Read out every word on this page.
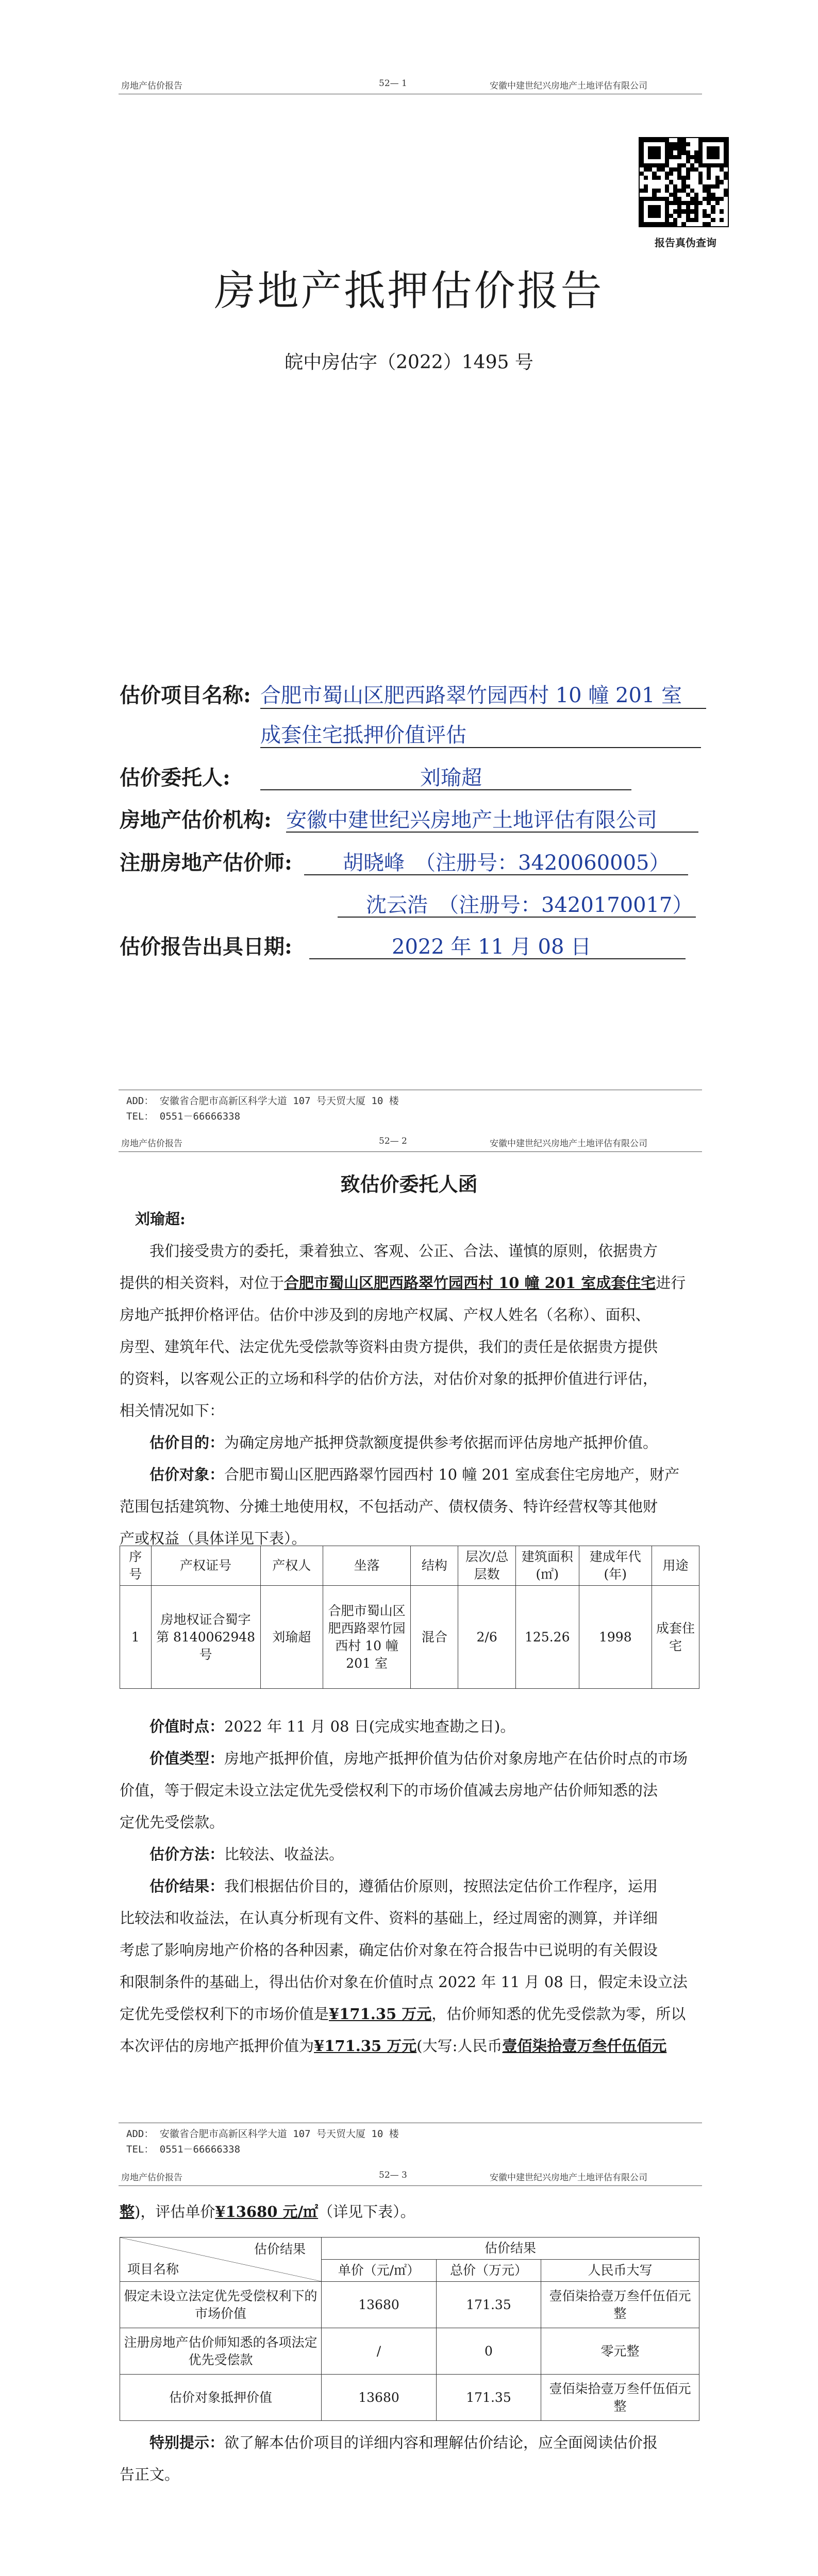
房地产估价报告	52— 1	安徽中建世纪兴房地产土地评估有限公司
报告真伪查询
房地产抵押估价报告
皖中房估字（2022）1495 号
估价项目名称: 合肥市蜀山区肥西路翠竹园西村 10 幢 201 室
成套住宅抵押价值评估
估价委托人:	刘瑜超
房地产估价机构: 安徽中建世纪兴房地产土地评估有限公司
注册房地产估价师: 胡晓峰　（注册号：3420060005）
沈云浩　（注册号：3420170017）
估价报告出具日期:	2022 年 11 月 08 日
ADD： 安徽省合肥市高新区科学大道 107 号天贸大厦 10 楼
TEL： 0551－66666338
房地产估价报告	52— 2	安徽中建世纪兴房地产土地评估有限公司
致估价委托人函
刘瑜超:
我们接受贵方的委托，秉着独立、客观、公正、合法、谨慎的原则，依据贵方
提供的相关资料，对位于合肥市蜀山区肥西路翠竹园西村 10 幢 201 室成套住宅进行
房地产抵押价格评估。估价中涉及到的房地产权属、产权人姓名（名称）、面积、
房型、建筑年代、法定优先受偿款等资料由贵方提供，我们的责任是依据贵方提供
的资料，以客观公正的立场和科学的估价方法，对估价对象的抵押价值进行评估，
相关情况如下：
估价目的：为确定房地产抵押贷款额度提供参考依据而评估房地产抵押价值。
估价对象：合肥市蜀山区肥西路翠竹园西村 10 幢 201 室成套住宅房地产，财产
范围包括建筑物、分摊土地使用权，不包括动产、债权债务、特许经营权等其他财
产或权益（具体详见下表）。
序号	产权证号	产权人	坐落	结构	层次/总层数	建筑面积(㎡)	建成年代(年)	用途
1	房地权证合蜀字第 8140062948 号	刘瑜超	合肥市蜀山区肥西路翠竹园西村 10 幢 201 室	混合	2/6	125.26	1998	成套住宅
价值时点：2022 年 11 月 08 日(完成实地查勘之日)。
价值类型：房地产抵押价值，房地产抵押价值为估价对象房地产在估价时点的市场
价值，等于假定未设立法定优先受偿权利下的市场价值减去房地产估价师知悉的法
定优先受偿款。
估价方法：比较法、收益法。
估价结果：我们根据估价目的，遵循估价原则，按照法定估价工作程序，运用
比较法和收益法，在认真分析现有文件、资料的基础上，经过周密的测算，并详细
考虑了影响房地产价格的各种因素，确定估价对象在符合报告中已说明的有关假设
和限制条件的基础上，得出估价对象在价值时点 2022 年 11 月 08 日，假定未设立法
定优先受偿权利下的市场价值是¥171.35 万元，估价师知悉的优先受偿款为零，所以
本次评估的房地产抵押价值为¥171.35 万元(大写:人民币壹佰柒拾壹万叁仟伍佰元
ADD： 安徽省合肥市高新区科学大道 107 号天贸大厦 10 楼
TEL： 0551－66666338
房地产估价报告	52— 3	安徽中建世纪兴房地产土地评估有限公司
整)，评估单价¥13680 元/㎡（详见下表）。
估价结果
项目名称	估价结果		
	单价（元/㎡）	总价（万元）	人民币大写
假定未设立法定优先受偿权利下的市场价值	13680	171.35	壹佰柒拾壹万叁仟伍佰元整
注册房地产估价师知悉的各项法定优先受偿款	/	0	零元整
估价对象抵押价值	13680	171.35	壹佰柒拾壹万叁仟伍佰元整
特别提示：欲了解本估价项目的详细内容和理解估价结论，应全面阅读估价报
告正文。
